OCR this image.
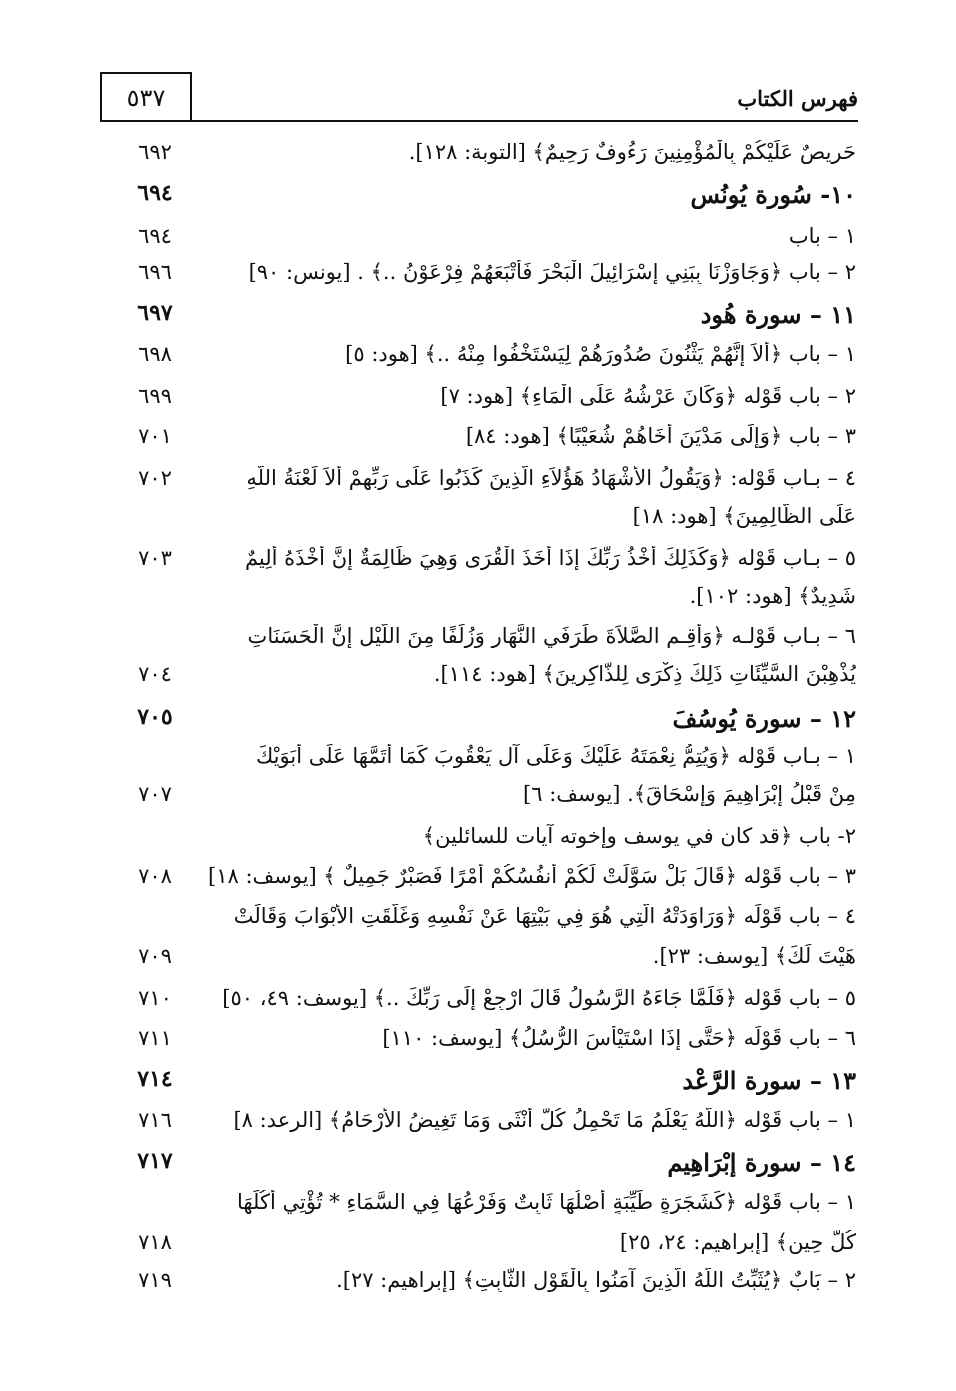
٥٣٧	فهرس الكتاب
حَرِيصٌ عَلَيْكُمْ بِالْمُؤْمِنِينَ رَءُوفٌ رَحِيمٌ﴾ [التوبة: ١٢٨].
٦٩٢
١٠- سُورة يُونُس
٦٩٤
١ – باب
٦٩٤
٢ – باب ﴿وَجَاوَزْنَا بِبَنِي إِسْرَائِيلَ الْبَحْرَ فَأَتْبَعَهُمْ فِرْعَوْنُ ..﴾ . [يونس: ٩٠]
٦٩٦
١١ – سورة هُود
٦٩٧
١ – باب ﴿أَلاَ إِنَّهُمْ يَثْنُونَ صُدُورَهُمْ لِيَسْتَخْفُوا مِنْهُ ..﴾ [هود: ٥]
٦٩٨
٢ – باب قَوْله ﴿وَكَانَ عَرْشُهُ عَلَى الْمَاءِ﴾ [هود: ٧]
٦٩٩
٣ – باب ﴿وَإِلَى مَدْيَنَ أَخَاهُمْ شُعَيْبًا﴾ [هود: ٨٤]
٧٠١
٤ – بـاب قَوْله: ﴿وَيَقُولُ الأَشْهَادُ هَؤُلاَءِ الَّذِينَ كَذَبُوا عَلَى رَبِّهِمْ أَلاَ لَعْنَةُ اللَّهِ
٧٠٢
عَلَى الظَّالِمِينَ﴾ [هود: ١٨]
٥ – بـاب قَوْله ﴿وَكَذَلِكَ أَخْذُ رَبِّكَ إِذَا أَخَذَ الْقُرَى وَهِيَ ظَالِمَةٌ إِنَّ أَخْذَهُ أَلِيمٌ
٧٠٣
شَدِيدٌ﴾ [هود: ١٠٢].
٦ – بـاب قَوْلـه ﴿وَأَقِـمِ الصَّلاَةَ طَرَفَيِ النَّهَارِ وَزُلَفًا مِنَ اللَّيْلِ إِنَّ الْحَسَنَاتِ
يُذْهِبْنَ السَّيِّئَاتِ ذَلِكَ ذِكْرَى لِلذَّاكِرِينَ﴾ [هود: ١١٤].
٧٠٤
١٢ – سورة يُوسُفَ
٧٠٥
١ – بـاب قَوْله ﴿وَيُتِمُّ نِعْمَتَهُ عَلَيْكَ وَعَلَى آلِ يَعْقُوبَ كَمَا أَتَمَّهَا عَلَى أَبَوَيْكَ
مِنْ قَبْلُ إِبْرَاهِيمَ وَإِسْحَاقَ﴾. [يوسف: ٦]
٧٠٧
٢- باب ﴿قد كان في يوسف وإخوته آيات للسائلين﴾
٣ – باب قَوْله ﴿قَالَ بَلْ سَوَّلَتْ لَكُمْ أَنفُسُكُمْ أَمْرًا فَصَبْرٌ جَمِيلٌ ﴾ [يوسف: ١٨]
٧٠٨
٤ – باب قَوْلَه ﴿وَرَاوَدَتْهُ الَّتِي هُوَ فِي بَيْتِهَا عَنْ نَفْسِهِ وَغَلَّقَتِ الأَبْوَابَ وَقَالَتْ
هَيْتَ لَكَ﴾ [يوسف: ٢٣].
٧٠٩
٥ – باب قَوْله ﴿فَلَمَّا جَاءَهُ الرَّسُولُ قَالَ ارْجِعْ إِلَى رَبِّكَ ..﴾ [يوسف: ٤٩، ٥٠]
٧١٠
٦ – باب قَوْلَه ﴿حَتَّى إِذَا اسْتَيْأَسَ الرُّسُلُ﴾ [يوسف: ١١٠]
٧١١
١٣ – سورة الرَّعْد
٧١٤
١ – باب قَوْله ﴿اللَّهُ يَعْلَمُ مَا تَحْمِلُ كُلُّ أُنْثَى وَمَا تَغِيضُ الأَرْحَامُ﴾ [الرعد: ٨]
٧١٦
١٤ – سورة إِبْرَاهِيم
٧١٧
١ – باب قَوْله ﴿كَشَجَرَةٍ طَيِّبَةٍ أَصْلُهَا ثَابِتٌ وَفَرْعُهَا فِي السَّمَاءِ * تُؤْتِي أُكُلَهَا
كُلَّ حِينٍ﴾ [إبراهيم: ٢٤، ٢٥]
٧١٨
٢ – بَابٌ ﴿يُثَبِّتُ اللَّهُ الَّذِينَ آمَنُوا بِالْقَوْلِ الثَّابِتِ﴾ [إبراهيم: ٢٧].
٧١٩
